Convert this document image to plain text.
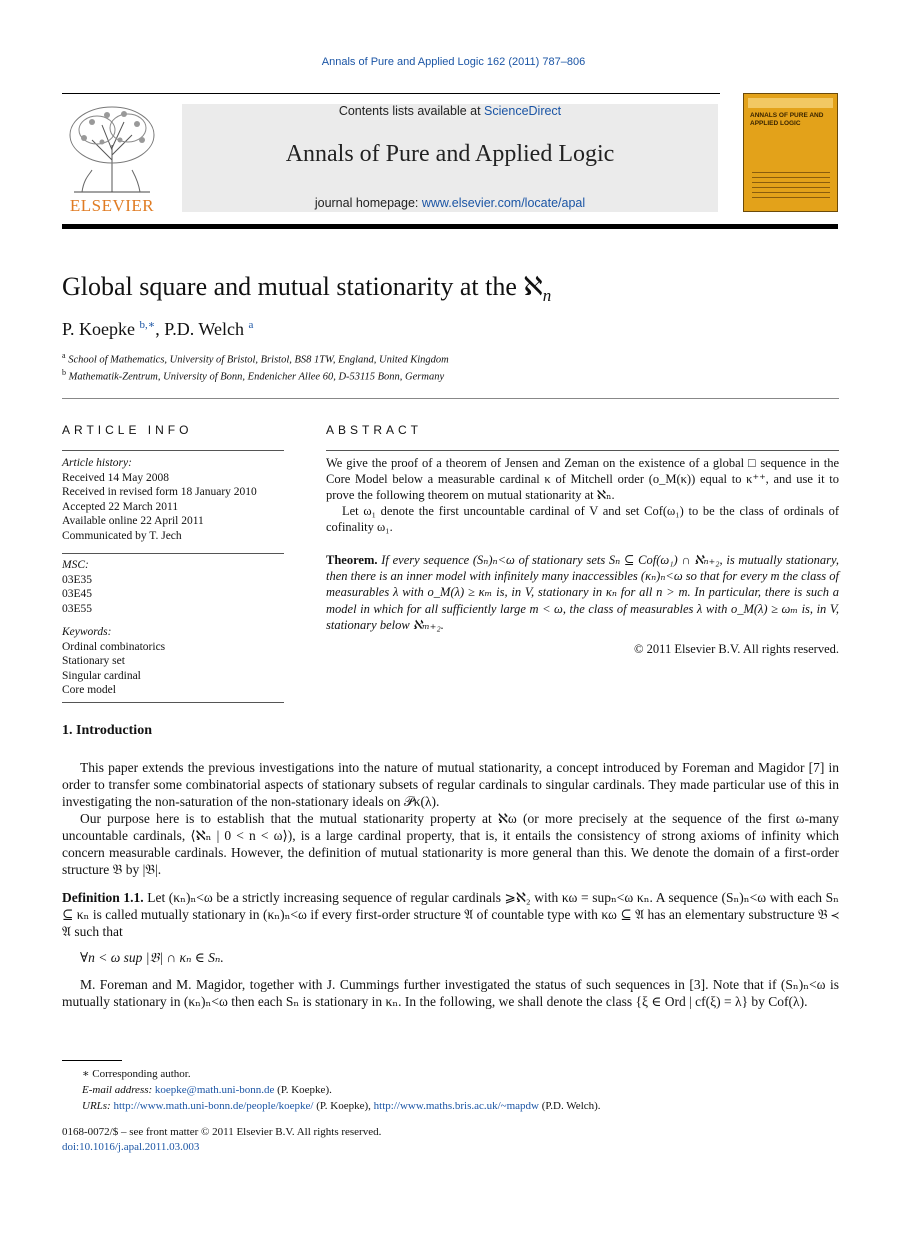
Annals of Pure and Applied Logic 162 (2011) 787–806
ELSEVIER
Contents lists available at ScienceDirect
Annals of Pure and Applied Logic
journal homepage: www.elsevier.com/locate/apal
ANNALS OF PURE AND APPLIED LOGIC
Global square and mutual stationarity at the ℵ$_n$
P. Koepke $^{b,∗}$, P.D. Welch $^a$
$^a$ School of Mathematics, University of Bristol, Bristol, BS8 1TW, England, United Kingdom
$^b$ Mathematik-Zentrum, University of Bonn, Endenicher Allee 60, D-53115 Bonn, Germany
ARTICLE INFO
Article history:
Received 14 May 2008
Received in revised form 18 January 2010
Accepted 22 March 2011
Available online 22 April 2011
Communicated by T. Jech
MSC:
03E35
03E45
03E55
Keywords:
Ordinal combinatorics
Stationary set
Singular cardinal
Core model
ABSTRACT

We give the proof of a theorem of Jensen and Zeman on the existence of a global □ sequence in the Core Model below a measurable cardinal κ of Mitchell order (o_M(κ)) equal to κ⁺⁺, and use it to prove the following theorem on mutual stationarity at ℵₙ.

Let ω₁ denote the first uncountable cardinal of V and set Cof(ω₁) to be the class of ordinals of cofinality ω₁.

Theorem. If every sequence (Sₙ)ₙ<ω of stationary sets Sₙ ⊆ Cof(ω₁) ∩ ℵₙ₊₂, is mutually stationary, then there is an inner model with infinitely many inaccessibles (κₙ)ₙ<ω so that for every m the class of measurables λ with o_M(λ) ≥ κₘ is, in V, stationary in κₙ for all n > m. In particular, there is such a model in which for all sufficiently large m < ω, the class of measurables λ with o_M(λ) ≥ ωₘ is, in V, stationary below ℵₘ₊₂.
© 2011 Elsevier B.V. All rights reserved.
1. Introduction

This paper extends the previous investigations into the nature of mutual stationarity, a concept introduced by Foreman and Magidor [7] in order to transfer some combinatorial aspects of stationary subsets of regular cardinals to singular cardinals. They made particular use of this in investigating the non-saturation of the non-stationary ideals on 𝒫κ(λ).

Our purpose here is to establish that the mutual stationarity property at ℵω (or more precisely at the sequence of the first ω-many uncountable cardinals, ⟨ℵₙ | 0 < n < ω⟩), is a large cardinal property, that is, it entails the consistency of strong axioms of infinity which concern measurable cardinals. However, the definition of mutual stationarity is more general than this. We denote the domain of a first-order structure 𝔅 by |𝔅|.

Definition 1.1. Let (κₙ)ₙ<ω be a strictly increasing sequence of regular cardinals ⩾ℵ₂ with κω = supₙ<ω κₙ. A sequence (Sₙ)ₙ<ω with each Sₙ ⊆ κₙ is called mutually stationary in (κₙ)ₙ<ω if every first-order structure 𝔄 of countable type with κω ⊆ 𝔄 has an elementary substructure 𝔅 ≺ 𝔄 such that

∀n < ω sup |𝔅| ∩ κₙ ∈ Sₙ.

M. Foreman and M. Magidor, together with J. Cummings further investigated the status of such sequences in [3]. Note that if (Sₙ)ₙ<ω is mutually stationary in (κₙ)ₙ<ω then each Sₙ is stationary in κₙ. In the following, we shall denote the class {ξ ∈ Ord | cf(ξ) = λ} by Cof(λ).

∗ Corresponding author.
E-mail address: koepke@math.uni-bonn.de (P. Koepke).
URLs: http://www.math.uni-bonn.de/people/koepke/ (P. Koepke), http://www.maths.bris.ac.uk/~mapdw (P.D. Welch).
0168-0072/$ – see front matter © 2011 Elsevier B.V. All rights reserved.
doi:10.1016/j.apal.2011.03.003
